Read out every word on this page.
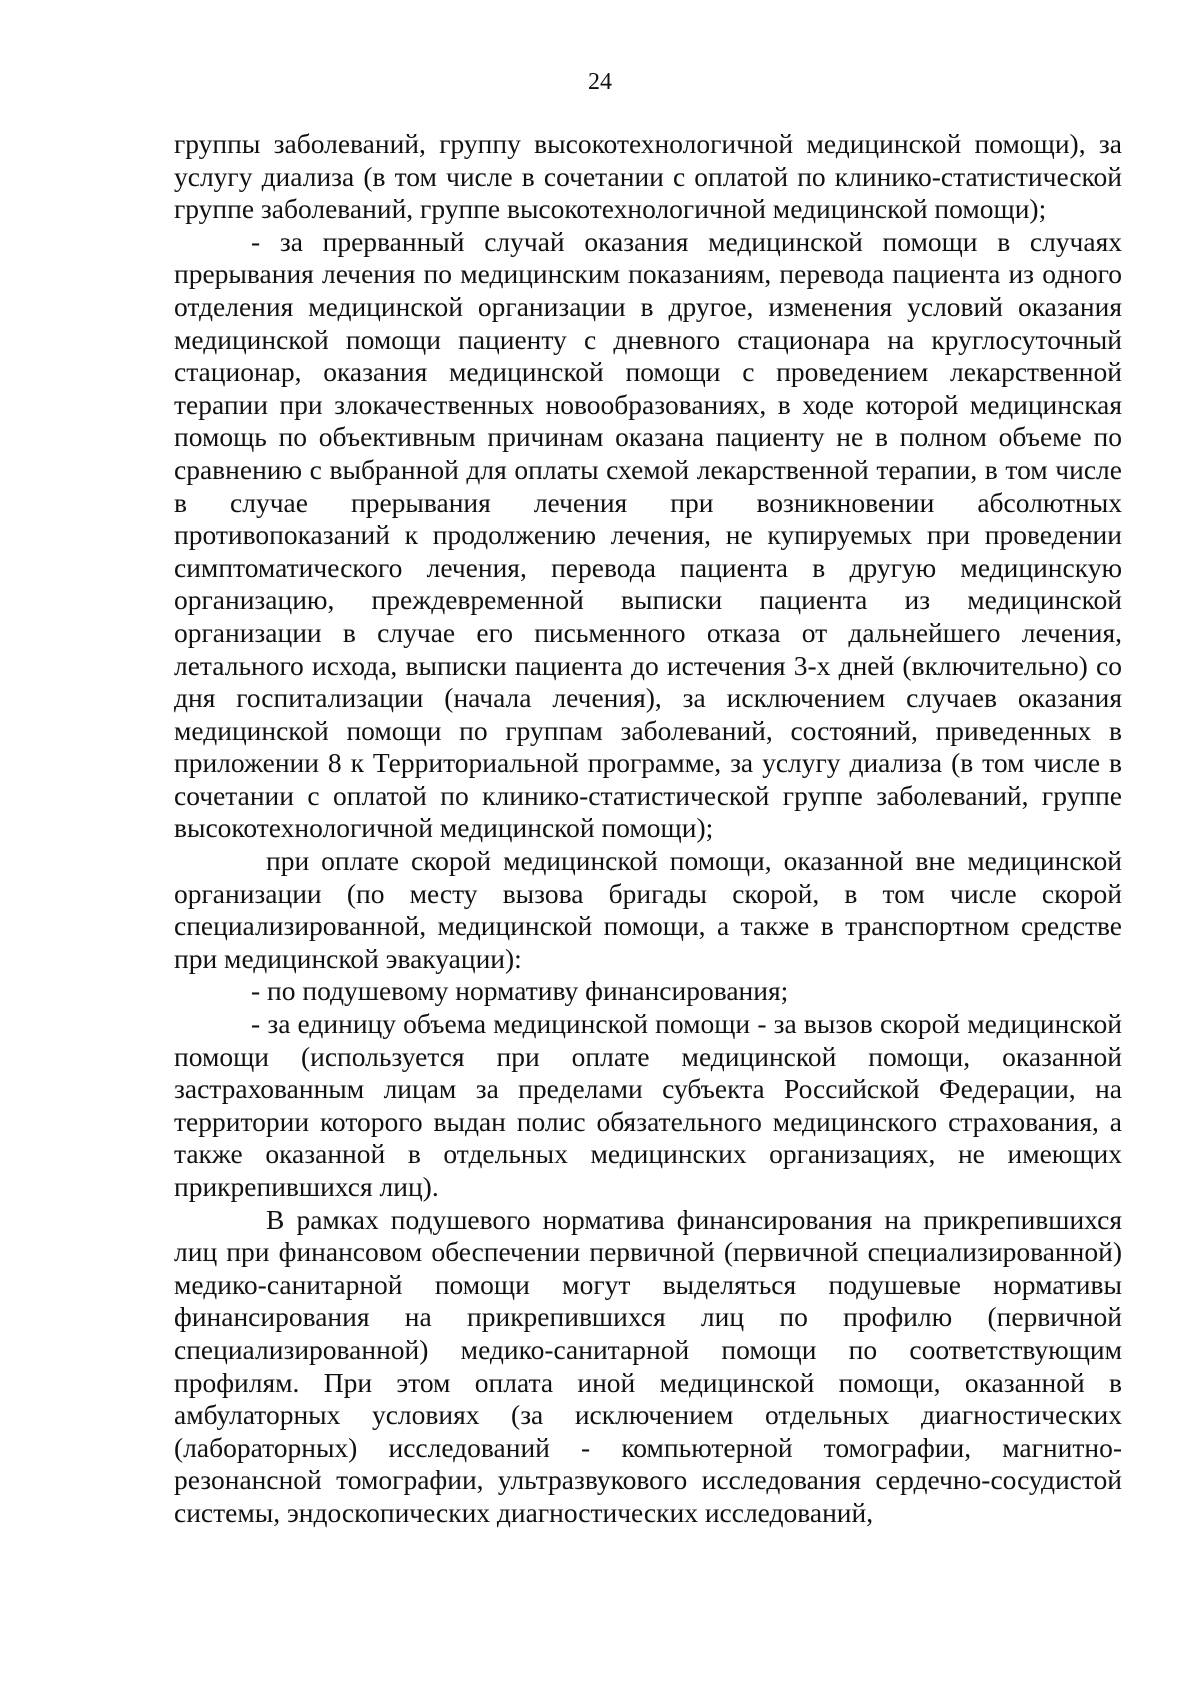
24

группы заболеваний, группу высокотехнологичной медицинской помощи), за услугу диализа (в том числе в сочетании с оплатой по клинико-статистической группе заболеваний, группе высокотехнологичной медицинской помощи);

- за прерванный случай оказания медицинской помощи в случаях прерывания лечения по медицинским показаниям, перевода пациента из одного отделения медицинской организации в другое, изменения условий оказания медицинской помощи пациенту с дневного стационара на круглосуточный стационар, оказания медицинской помощи с проведением лекарственной терапии при злокачественных новообразованиях, в ходе которой медицинская помощь по объективным причинам оказана пациенту не в полном объеме по сравнению с выбранной для оплаты схемой лекарственной терапии, в том числе в случае прерывания лечения при возникновении абсолютных противопоказаний к продолжению лечения, не купируемых при проведении симптоматического лечения, перевода пациента в другую медицинскую организацию, преждевременной выписки пациента из медицинской организации в случае его письменного отказа от дальнейшего лечения, летального исхода, выписки пациента до истечения 3-х дней (включительно) со дня госпитализации (начала лечения), за исключением случаев оказания медицинской помощи по группам заболеваний, состояний, приведенных в приложении 8 к Территориальной программе, за услугу диализа (в том числе в сочетании с оплатой по клинико-статистической группе заболеваний, группе высокотехнологичной медицинской помощи);

при оплате скорой медицинской помощи, оказанной вне медицинской организации (по месту вызова бригады скорой, в том числе скорой специализированной, медицинской помощи, а также в транспортном средстве при медицинской эвакуации):

- по подушевому нормативу финансирования;

- за единицу объема медицинской помощи - за вызов скорой медицинской помощи (используется при оплате медицинской помощи, оказанной застрахованным лицам за пределами субъекта Российской Федерации, на территории которого выдан полис обязательного медицинского страхования, а также оказанной в отдельных медицинских организациях, не имеющих прикрепившихся лиц).

В рамках подушевого норматива финансирования на прикрепившихся лиц при финансовом обеспечении первичной (первичной специализированной) медико-санитарной помощи могут выделяться подушевые нормативы финансирования на прикрепившихся лиц по профилю (первичной специализированной) медико-санитарной помощи по соответствующим профилям. При этом оплата иной медицинской помощи, оказанной в амбулаторных условиях (за исключением отдельных диагностических (лабораторных) исследований - компьютерной томографии, магнитно-резонансной томографии, ультразвукового исследования сердечно-сосудистой системы, эндоскопических диагностических исследований,
